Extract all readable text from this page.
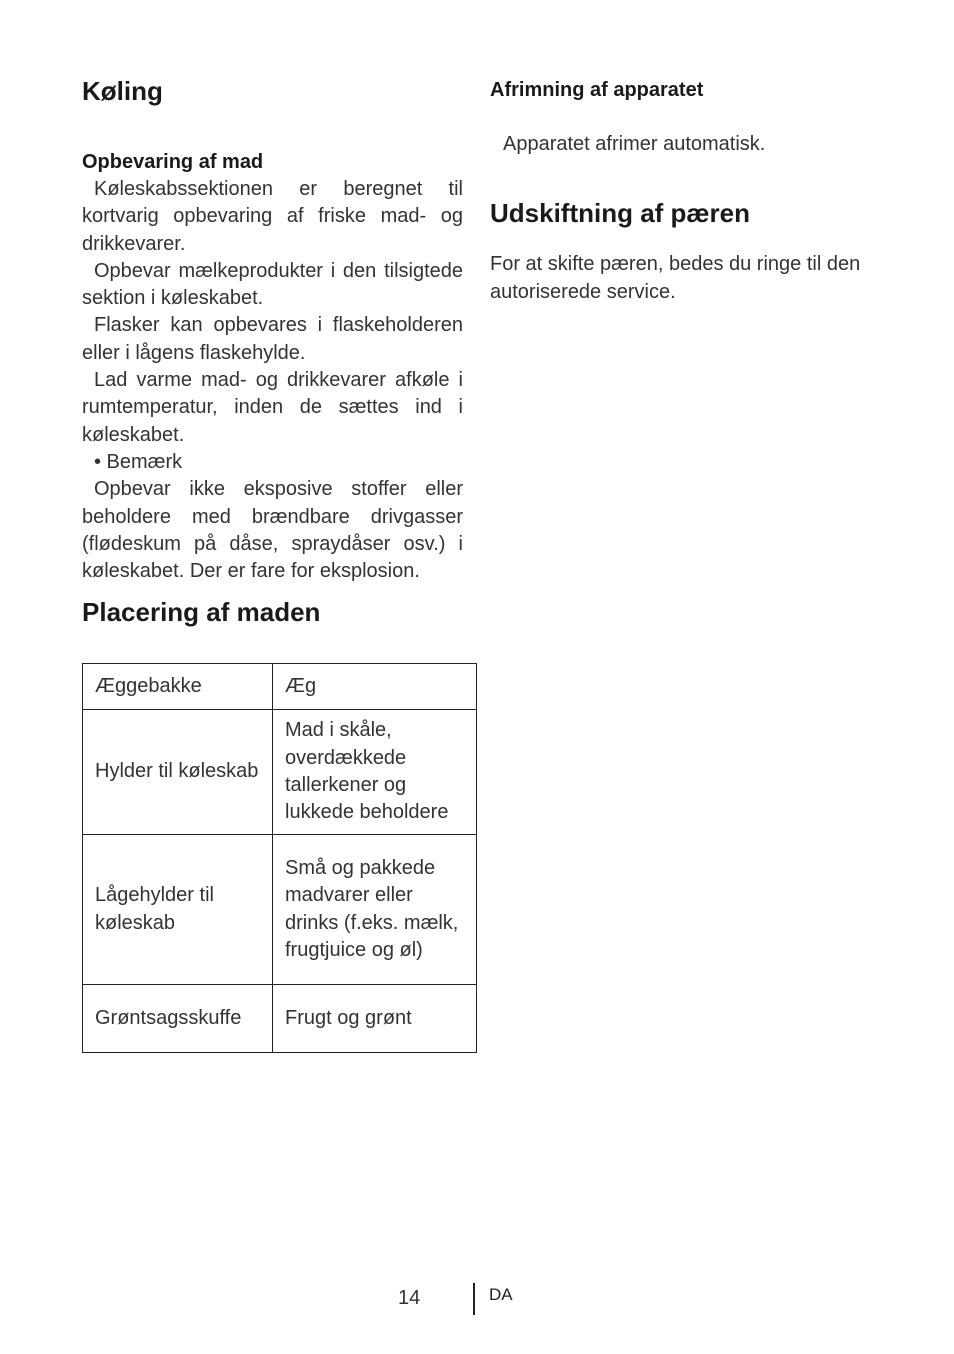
Køling
Opbevaring af mad

Køleskabssektionen er beregnet til kortvarig opbevaring af friske mad- og drikkevarer.

Opbevar mælkeprodukter i den tilsigtede sektion i køleskabet.

Flasker kan opbevares i flaskeholderen eller i lågens flaskehylde.

Lad varme mad- og drikkevarer afkøle i rumtemperatur, inden de sættes ind i køleskabet.

• Bemærk

Opbevar ikke eksposive stoffer eller beholdere med brændbare drivgasser (flødeskum på dåse, spraydåser osv.) i køleskabet. Der er fare for eksplosion.

Placering af maden
Æggebakke	Æg
Hylder til køleskab	Mad i skåle, overdækkede tallerkener og lukkede beholdere
Lågehylder til køleskab	Små og pakkede madvarer eller drinks (f.eks. mælk, frugtjuice og øl)
Grøntsagsskuffe	Frugt og grønt
Afrimning af apparatet
Apparatet afrimer automatisk.
Udskiftning af pæren
For at skifte pæren, bedes du ringe til den autoriserede service.
14	DA
